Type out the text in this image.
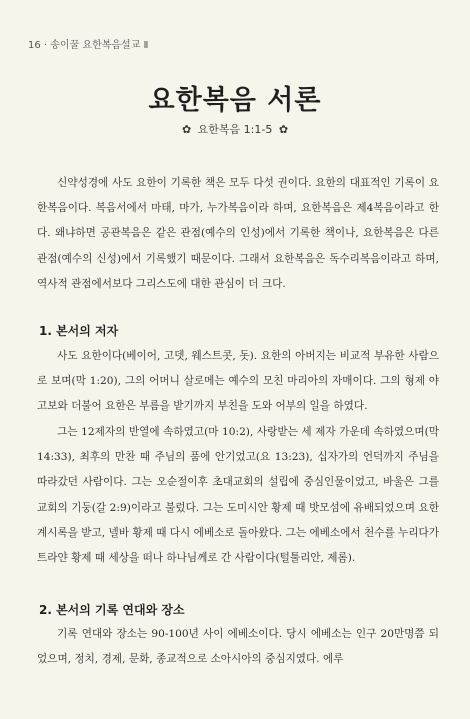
16 · 송이꿀 요한복음설교 Ⅱ
요한복음 서론
✿ 요한복음 1:1-5 ✿

신약성경에 사도 요한이 기록한 책은 모두 다섯 권이다. 요한의 대표적인 기록이 요한복음이다. 복음서에서 마태, 마가, 누가복음이라 하며, 요한복음은 제4복음이라고 한다. 왜냐하면 공관복음은 같은 관점(예수의 인성)에서 기록한 책이나, 요한복음은 다른 관점(예수의 신성)에서 기록했기 때문이다. 그래서 요한복음은 독수리복음이라고 하며, 역사적 관점에서보다 그리스도에 대한 관심이 더 크다.

1. 본서의 저자

사도 요한이다(베이어, 고뎃, 웨스트콧, 돗). 요한의 아버지는 비교적 부유한 사람으로 보며(막 1:20), 그의 어머니 살로메는 예수의 모친 마리아의 자매이다. 그의 형제 야고보와 더불어 요한은 부름을 받기까지 부친을 도와 어부의 일을 하였다.

그는 12제자의 반열에 속하였고(마 10:2), 사랑받는 세 제자 가운데 속하였으며(막 14:33), 최후의 만찬 때 주님의 품에 안기었고(요 13:23), 십자가의 언덕까지 주님을 따라갔던 사람이다. 그는 오순절이후 초대교회의 설립에 중심인물이었고, 바울은 그를 교회의 기둥(갈 2:9)이라고 불렀다. 그는 도미시안 황제 때 밧모섬에 유배되었으며 요한계시록을 받고, 넬바 황제 때 다시 에베소로 돌아왔다. 그는 에베소에서 천수를 누리다가 트라얀 황제 때 세상을 떠나 하나님께로 간 사람이다(털툴리안, 제롬).

2. 본서의 기록 연대와 장소

기록 연대와 장소는 90-100년 사이 에베소이다. 당시 에베소는 인구 20만명쯤 되었으며, 정치, 경제, 문화, 종교적으로 소아시아의 중심지였다. 에루
